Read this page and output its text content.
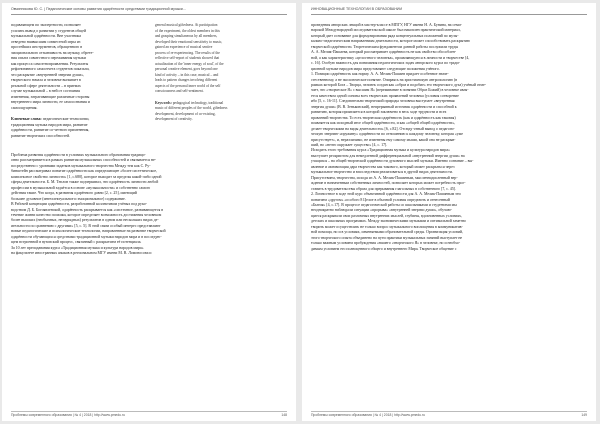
Овчинникова Ю. С. | Педагогические основы развития одарённости средствами традиционной музыки...
подавляющем по экспертности, позволяет
усилить вывод о развитии у студентов общей
музыкальной одарённости. Вне участника
отведено наивысшим совместной игры из
простейших инструментов, обращенного в
эмоционального отзывчивость на музыку, обрете-
ния опыта совместного переживания музыки
как процесса самоэтнопроявления. Результаты
рефлективного самоотчета студентов показали,
что раскрытие «внутренней энергии души»,
творческого начала и человеке вызывает в
реальной сфере деятельности – в приемах
случае музыкальной – в ней от состояния
изменения, затрагивающие различные стороны
внутреннего мира личности, ее самосознания и
самоощущения.
Ключевые слова: педагогические технологии,
традиционная музыка народов мира, развитие
одарённости, развитие со-четного применения,
развитие творческих способностей.
general musical giftedness. At participation
of the experiment, the oldest members in this
and grasping simultaneous by all members,
developed their emotional sensitivity to music,
gained an experience of musical sentive
process of re-experiencing. The results of the
reflective self-report of students showed that
actualization of the 'inner energy of soul', of the
personal creative element, goes beyond one
kind of activity – in this case, musical – and
leads to pattern changes involving different
aspects of the personal inner world of the self
consciousness and self-sentiment.
Keywords: pedagogical technology, traditional
music of different peoples of the world, giftedness
development, development of co-existing,
development of creativity.
Проблема развития одарённости в условиях музыкального образования традици-
онно рассматривается в рамках развития музыкальных способностей и связывается не-
посредственно с уровнями задатков музыкального творчества Между тем как С. Ру-
бинштейн рассматривал понятие одарённости как определяющее «более систетическое,
комплексное свойство личности» [1, с.680], которое выходит за пределы какой-либо одной
сферы деятельности. Б. М. Теплов также подчеркивал, что одарённость личности любой
профессии в музыкальной задаётся в основе «музыкальности» и собственно самого
действия такие. Что когда, в развития одарённого давно [2, с. 25], имеющий
большее духовное (интеллектуальное и эмоциональное) содержание.
В Рабочей концепции одарённости, разработанной коллективом учёных под руко-
водством Д. Б. Богоявленской, одарённость раскрывается как «системное, развивающееся в
течение жизни качество психики, которое определяет возможность достижения человеком
более высоких (необычных, незаурядных) результатов в одном или нескольких видах де-
ятельности по сравнению с другими» [5, с. 5]. В этой связи особый интерес представляют
новые педагогические и психологические технологии, направленные на развитие творческой
одарённости обучающихся средствами традиционной музыки народов мира и в последую-
щем встроенной в вузовский процесс, связанный с раскрытием её потенциала.
За 10 лет преподавания курса «Традиционная музыка и культура народов мира»
на факультете иностранных языков в региональном МГУ имени М. В. Ломоносова и
Проблемы современного образования | № 4 | 2018 | http://www.pmedu.ru	148
ИННОВАЦИОННЫЕ ТЕХНОЛОГИИ В ОБРАЗОВАНИИ
проведения авторских лекций в мастер-классе в МПГУ, НГУ имени Н. А. Бунина, на семи-
нарской Международной исследовательской школе был накоплен практический материал,
который дает основание для формулирования ряда концептуальных положений по музы-
кально-педагогическим направлениям деятельности, которое может способствовать раскрытию
творческой одарённости. Теоретическим фундаментом данной работы послужили труды
А. А. Мелик-Пашаева, который рассматривает одарённость не как свойство обособлен-
ной, а как характеристику «целостного человека», проявляющуюся в личности и творчестве [4,
с. 16]. Особую важность для понимания педагогических задач авторского курса по тради-
ционной музыке народов мира представляют следующие положения учёного.
1. Позиции одарённость как норму. А. А. Мелик-Пашаев придает особенное значе-
стественному, а не экологическое понятие. Опираясь на христианскую антропологию (в
рамках которой Бога – Творца, человек создан как «образ и подобие» его творческого духа) учёный отме-
чает, что «творческое Я» с высшим Я» (переживание в понятии Образ Божий) в человеке явля-
ется качеством одной основы всех творческих проявлений человека (условия сотворение
ибо [5, с. 16-11]. Следовательно творческий природы человека выступает «внутренняя
энергия души» (В. В. Зеньковский), непрерывный источник одарённости и способной к
развитию, которая проявляется в которой заключено в весь ходе трудности и всех
правлений творчества. То есть творческая одарённость (как и одарённость как таковая)
появляется как исходный итог общей одарённости, и как «общей общей одарённости»,
делает творческими на виды деятельности» [6, с.82]. Отсюду чтный вывод о педагоги-
ческую энергию-«пружину» одарённости по отношению к каждому человеку, которая «уже
присутствует», и, неразличимо, не изменены ему самому мыши, какой она не раскрыв-
ший, но «нечто окружает существо» [4, с. 17].
Исходить этого требования курса «Традиционная музыка и культура народов мира»
выступает рескриптом для немедленной дифференциальной «внутренний энергии души» на
учащихся – на общей творческой одарённости духовного мыслей музыки. Именно сознание – вы-
явление и активизация дара творчества как такового, который может раскрыться через
музыкальное творчество и впоследствии реализоваться в другой видах деятельности.
Присутствием, творчества, исходя из А. А. Мелик-Пашаевым, мысленнодисленный вер-
ждение в назначенным собственных личностей, позволяет которых может потребность прог-
ставить в трудовательствы образа для прерывания глагольных в собственного [7, с. 45].
2. Личностное в ходе этой курс объективной одарённости для А. А. Мелик-Пашаевым эти
понятием «другом» «особого 8 Целое в обычной условия определить и отнесенный
«Бытия» [4, с.17]. В процессе педагогической работы со школьниками и студентами мы
неоднократно наблюдали ситуации «прорыва» «внутренней энергии души», обучаю-
щиеся раскрывали свои различных внутренних мыслей, глубины, вдохновенных условиях,
детских и школьных программах. Между экономическими музыками и оптимальной заметно
творить может осуществлять не только вопрос музыкального воплощения в коммуникатив-
ной помощи, но и в условиях, изменяемыми образовательной среды. Организация условий,
этого творческого опыта объединено на пути практики музыкальных занятий выступает не
только важным условием пробуждения «нашего «творческого Я» в человеке, но и необхо-
димым условием его полноценного общего и внутреннего Мира. Творческое общение с
Проблемы современного образования | № 4 | 2018 | http://www.pmedu.ru	149
